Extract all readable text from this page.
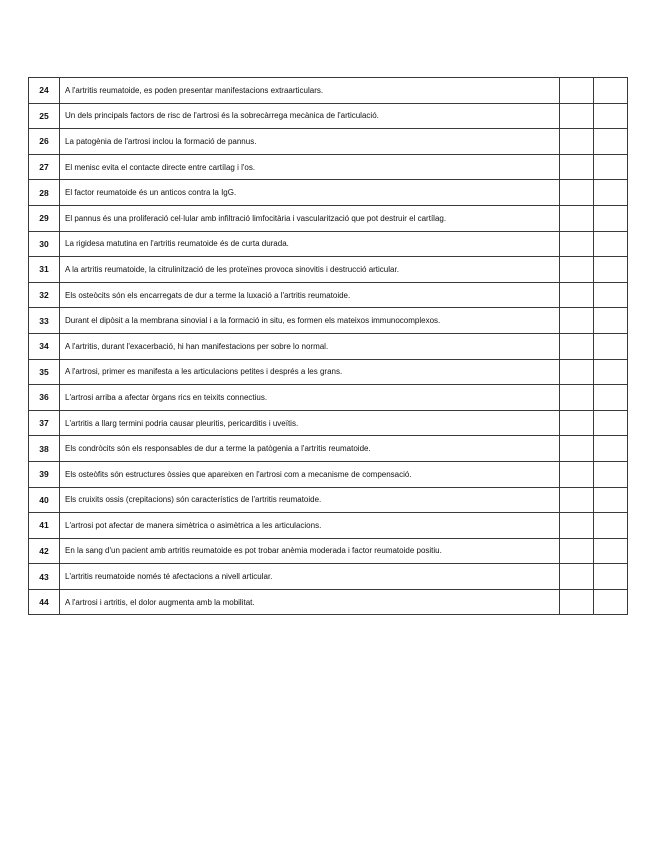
24	A l'artritis reumatoide, es poden presentar manifestacions extraarticulars.		
25	Un dels principals factors de risc de l'artrosi és la sobrecàrrega mecànica de l'articulació.		
26	La patogènia de l'artrosi inclou la formació de pannus.		
27	El menisc evita el contacte directe entre cartílag i l'os.		
28	El factor reumatoide és un anticos contra la IgG.		
29	El pannus és una proliferació cel·lular amb infiltració limfocitària i vascularització que pot destruir el cartílag.		
30	La rigidesa matutina en l'artritis reumatoide és de curta durada.		
31	A la artritis reumatoide, la citrulinització de les proteïnes provoca sinovitis i destrucció articular.		
32	Els osteòcits són els encarregats de dur a terme la luxació a l'artritis reumatoide.		
33	Durant el dipòsit a la membrana sinovial i a la formació in situ, es formen els mateixos immunocomplexos.		
34	A l'artritis, durant l'exacerbació, hi han manifestacions per sobre lo normal.		
35	A l'artrosi, primer es manifesta a les articulacions petites i després a les grans.		
36	L'artrosi arriba a afectar òrgans rics en teixits connectius.		
37	L'artritis a llarg termini podria causar pleuritis, pericarditis i uveïtis.		
38	Els condròcits són els responsables de dur a terme la patògenia a l'artritis reumatoide.		
39	Els osteòfits són estructures òssies que apareixen en l'artrosi com a mecanisme de compensació.		
40	Els cruixits ossis (crepitacions) són característics de l'artritis reumatoide.		
41	L'artrosi pot afectar de manera simètrica o asimètrica a les articulacions.		
42	En la sang d'un pacient amb artritis reumatoide es pot trobar anèmia moderada i factor reumatoide positiu.		
43	L'artritis reumatoide només té afectacions a nivell articular.		
44	A l'artrosi i artritis, el dolor augmenta amb la mobilitat.		
